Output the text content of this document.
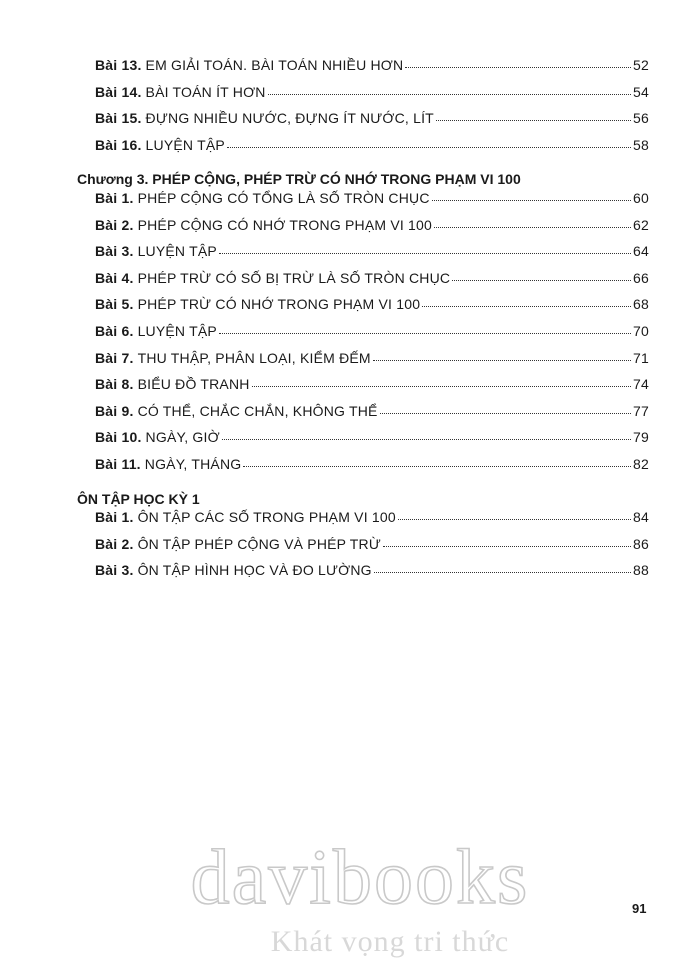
Bài 13. EM GIẢI TOÁN. BÀI TOÁN NHIỀU HƠN	52
Bài 14. BÀI TOÁN ÍT HƠN	54
Bài 15. ĐỰNG NHIỀU NƯỚC, ĐỰNG ÍT NƯỚC, LÍT	56
Bài 16. LUYỆN TẬP	58
Chương 3. PHÉP CỘNG, PHÉP TRỪ CÓ NHỚ TRONG PHẠM VI 100
Bài 1. PHÉP CỘNG CÓ TỔNG LÀ SỐ TRÒN CHỤC	60
Bài 2. PHÉP CỘNG CÓ NHỚ TRONG PHẠM VI 100	62
Bài 3. LUYỆN TẬP	64
Bài 4. PHÉP TRỪ CÓ SỐ BỊ TRỪ LÀ SỐ TRÒN CHỤC	66
Bài 5. PHÉP TRỪ CÓ NHỚ TRONG PHẠM VI 100	68
Bài 6. LUYỆN TẬP	70
Bài 7. THU THẬP, PHÂN LOẠI, KIỂM ĐẾM	71
Bài 8. BIỂU ĐỒ TRANH	74
Bài 9. CÓ THỂ, CHẮC CHẮN, KHÔNG THỂ	77
Bài 10. NGÀY, GIỜ	79
Bài 11. NGÀY, THÁNG	82
ÔN TẬP HỌC KỲ 1
Bài 1. ÔN TẬP CÁC SỐ TRONG PHẠM VI 100	84
Bài 2. ÔN TẬP PHÉP CỘNG VÀ PHÉP TRỪ	86
Bài 3. ÔN TẬP HÌNH HỌC VÀ ĐO LƯỜNG	88
91
davibooks
Khát vọng tri thức
